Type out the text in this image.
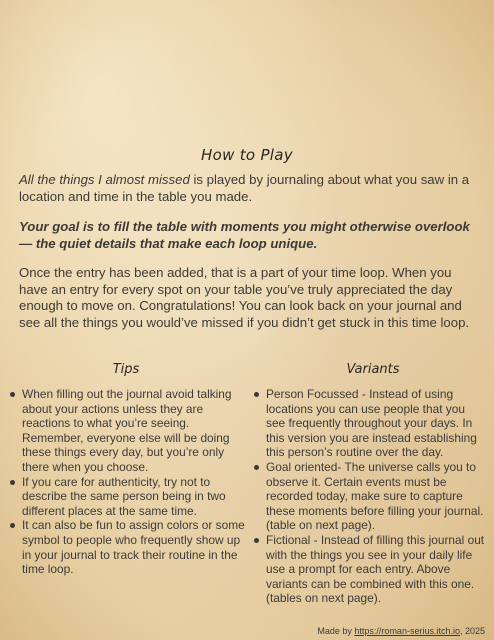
How to Play

All the things I almost missed is played by journaling about what you saw in a location and time in the table you made.

Your goal is to fill the table with moments you might otherwise overlook — the quiet details that make each loop unique.

Once the entry has been added, that is a part of your time loop. When you have an entry for every spot on your table you’ve truly appreciated the day enough to move on. Congratulations! You can look back on your journal and see all the things you would’ve missed if you didn’t get stuck in this time loop.

Tips	Variants
When filling out the journal avoid talking about your actions unless they are reactions to what you’re seeing. Remember, everyone else will be doing these things every day, but you’re only there when you choose.
If you care for authenticity, try not to describe the same person being in two different places at the same time.
It can also be fun to assign colors or some symbol to people who frequently show up in your journal to track their routine in the time loop.
Person Focussed - Instead of using locations you can use people that you see frequently throughout your days. In this version you are instead establishing this person’s routine over the day.
Goal oriented- The universe calls you to observe it. Certain events must be recorded today, make sure to capture these moments before filling your journal. (table on next page).
Fictional - Instead of filling this journal out with the things you see in your daily life use a prompt for each entry. Above variants can be combined with this one. (tables on next page).
Made by https://roman-serius.itch.io, 2025
